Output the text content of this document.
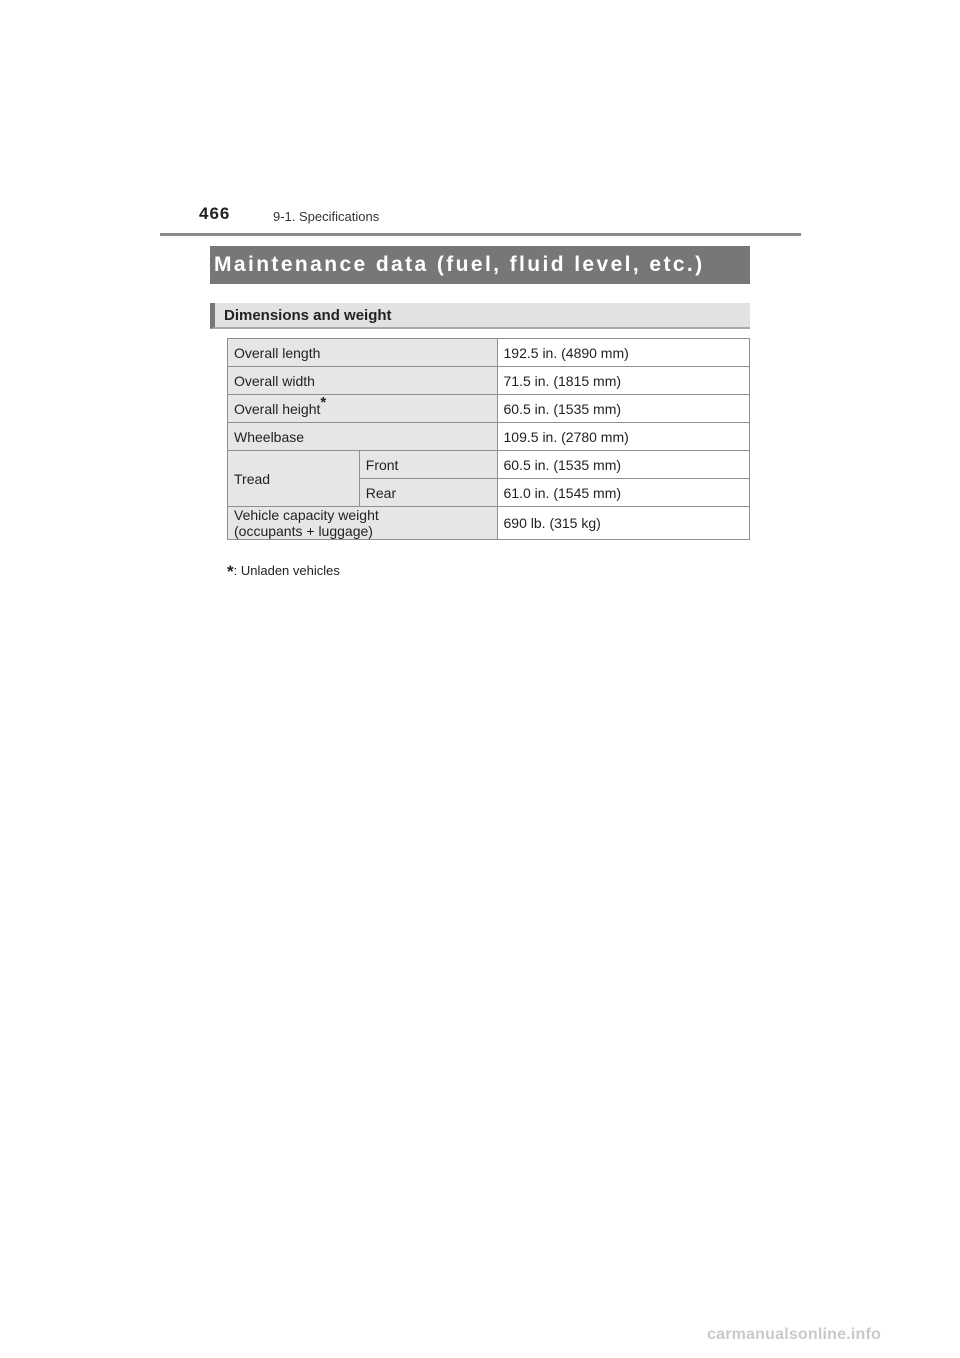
466	9-1. Specifications
Maintenance data (fuel, fluid level, etc.)
Dimensions and weight
Overall length		192.5 in. (4890 mm)
Overall width		71.5 in. (1815 mm)
Overall height*		60.5 in. (1535 mm)
Wheelbase		109.5 in. (2780 mm)
Tread	Front	60.5 in. (1535 mm)
	Rear	61.0 in. (1545 mm)
Vehicle capacity weight
(occupants + luggage)		690 lb. (315 kg)
*: Unladen vehicles
carmanualsonline.info
